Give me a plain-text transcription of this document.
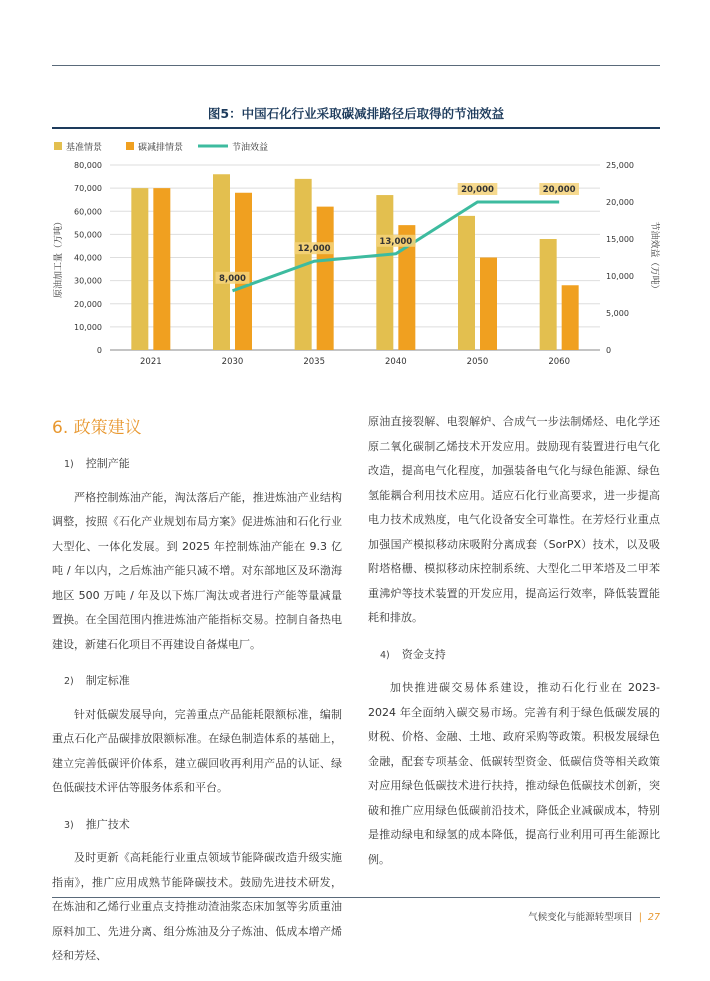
图5：中国石化行业采取碳减排路径后取得的节油效益
基准情景	碳减排情景	节油效益
0
10,000
20,000
30,000
40,000
50,000
60,000
70,000
80,000
0
5,000
10,000
15,000
20,000
25,000
8,000
12,000
13,000
20,000	20,000
2021	2030	2035	2040	2050	2060
原油加工量（万吨）	节油效益（万吨）
6. 政策建议
1) 控制产能

严格控制炼油产能，淘汰落后产能，推进炼油产业结构调整，按照《石化产业规划布局方案》促进炼油和石化行业大型化、一体化发展。到 2025 年控制炼油产能在 9.3 亿吨 / 年以内，之后炼油产能只减不增。对东部地区及环渤海地区 500 万吨 / 年及以下炼厂淘汰或者进行产能等量减量置换。在全国范围内推进炼油产能指标交易。控制自备热电建设，新建石化项目不再建设自备煤电厂。

2) 制定标准

针对低碳发展导向，完善重点产品能耗限额标准，编制重点石化产品碳排放限额标准。在绿色制造体系的基础上，建立完善低碳评价体系，建立碳回收再利用产品的认证、绿色低碳技术评估等服务体系和平台。

3) 推广技术

及时更新《高耗能行业重点领域节能降碳改造升级实施指南》，推广应用成熟节能降碳技术。鼓励先进技术研发，在炼油和乙烯行业重点支持推动渣油浆态床加氢等劣质重油原料加工、先进分离、组分炼油及分子炼油、低成本增产烯烃和芳烃、

原油直接裂解、电裂解炉、合成气一步法制烯烃、电化学还原二氧化碳制乙烯技术开发应用。鼓励现有装置进行电气化改造，提高电气化程度，加强装备电气化与绿色能源、绿色氢能耦合利用技术应用。适应石化行业高要求，进一步提高电力技术成熟度，电气化设备安全可靠性。在芳烃行业重点加强国产模拟移动床吸附分离成套（SorPX）技术，以及吸附塔格栅、模拟移动床控制系统、大型化二甲苯塔及二甲苯重沸炉等技术装置的开发应用，提高运行效率，降低装置能耗和排放。

4) 资金支持

加快推进碳交易体系建设，推动石化行业在 2023-2024 年全面纳入碳交易市场。完善有利于绿色低碳发展的财税、价格、金融、土地、政府采购等政策。积极发展绿色金融，配套专项基金、低碳转型资金、低碳信贷等相关政策对应用绿色低碳技术进行扶持，推动绿色低碳技术创新，突破和推广应用绿色低碳前沿技术，降低企业减碳成本，特别是推动绿电和绿氢的成本降低，提高行业利用可再生能源比例。

气候变化与能源转型项目 | 27
